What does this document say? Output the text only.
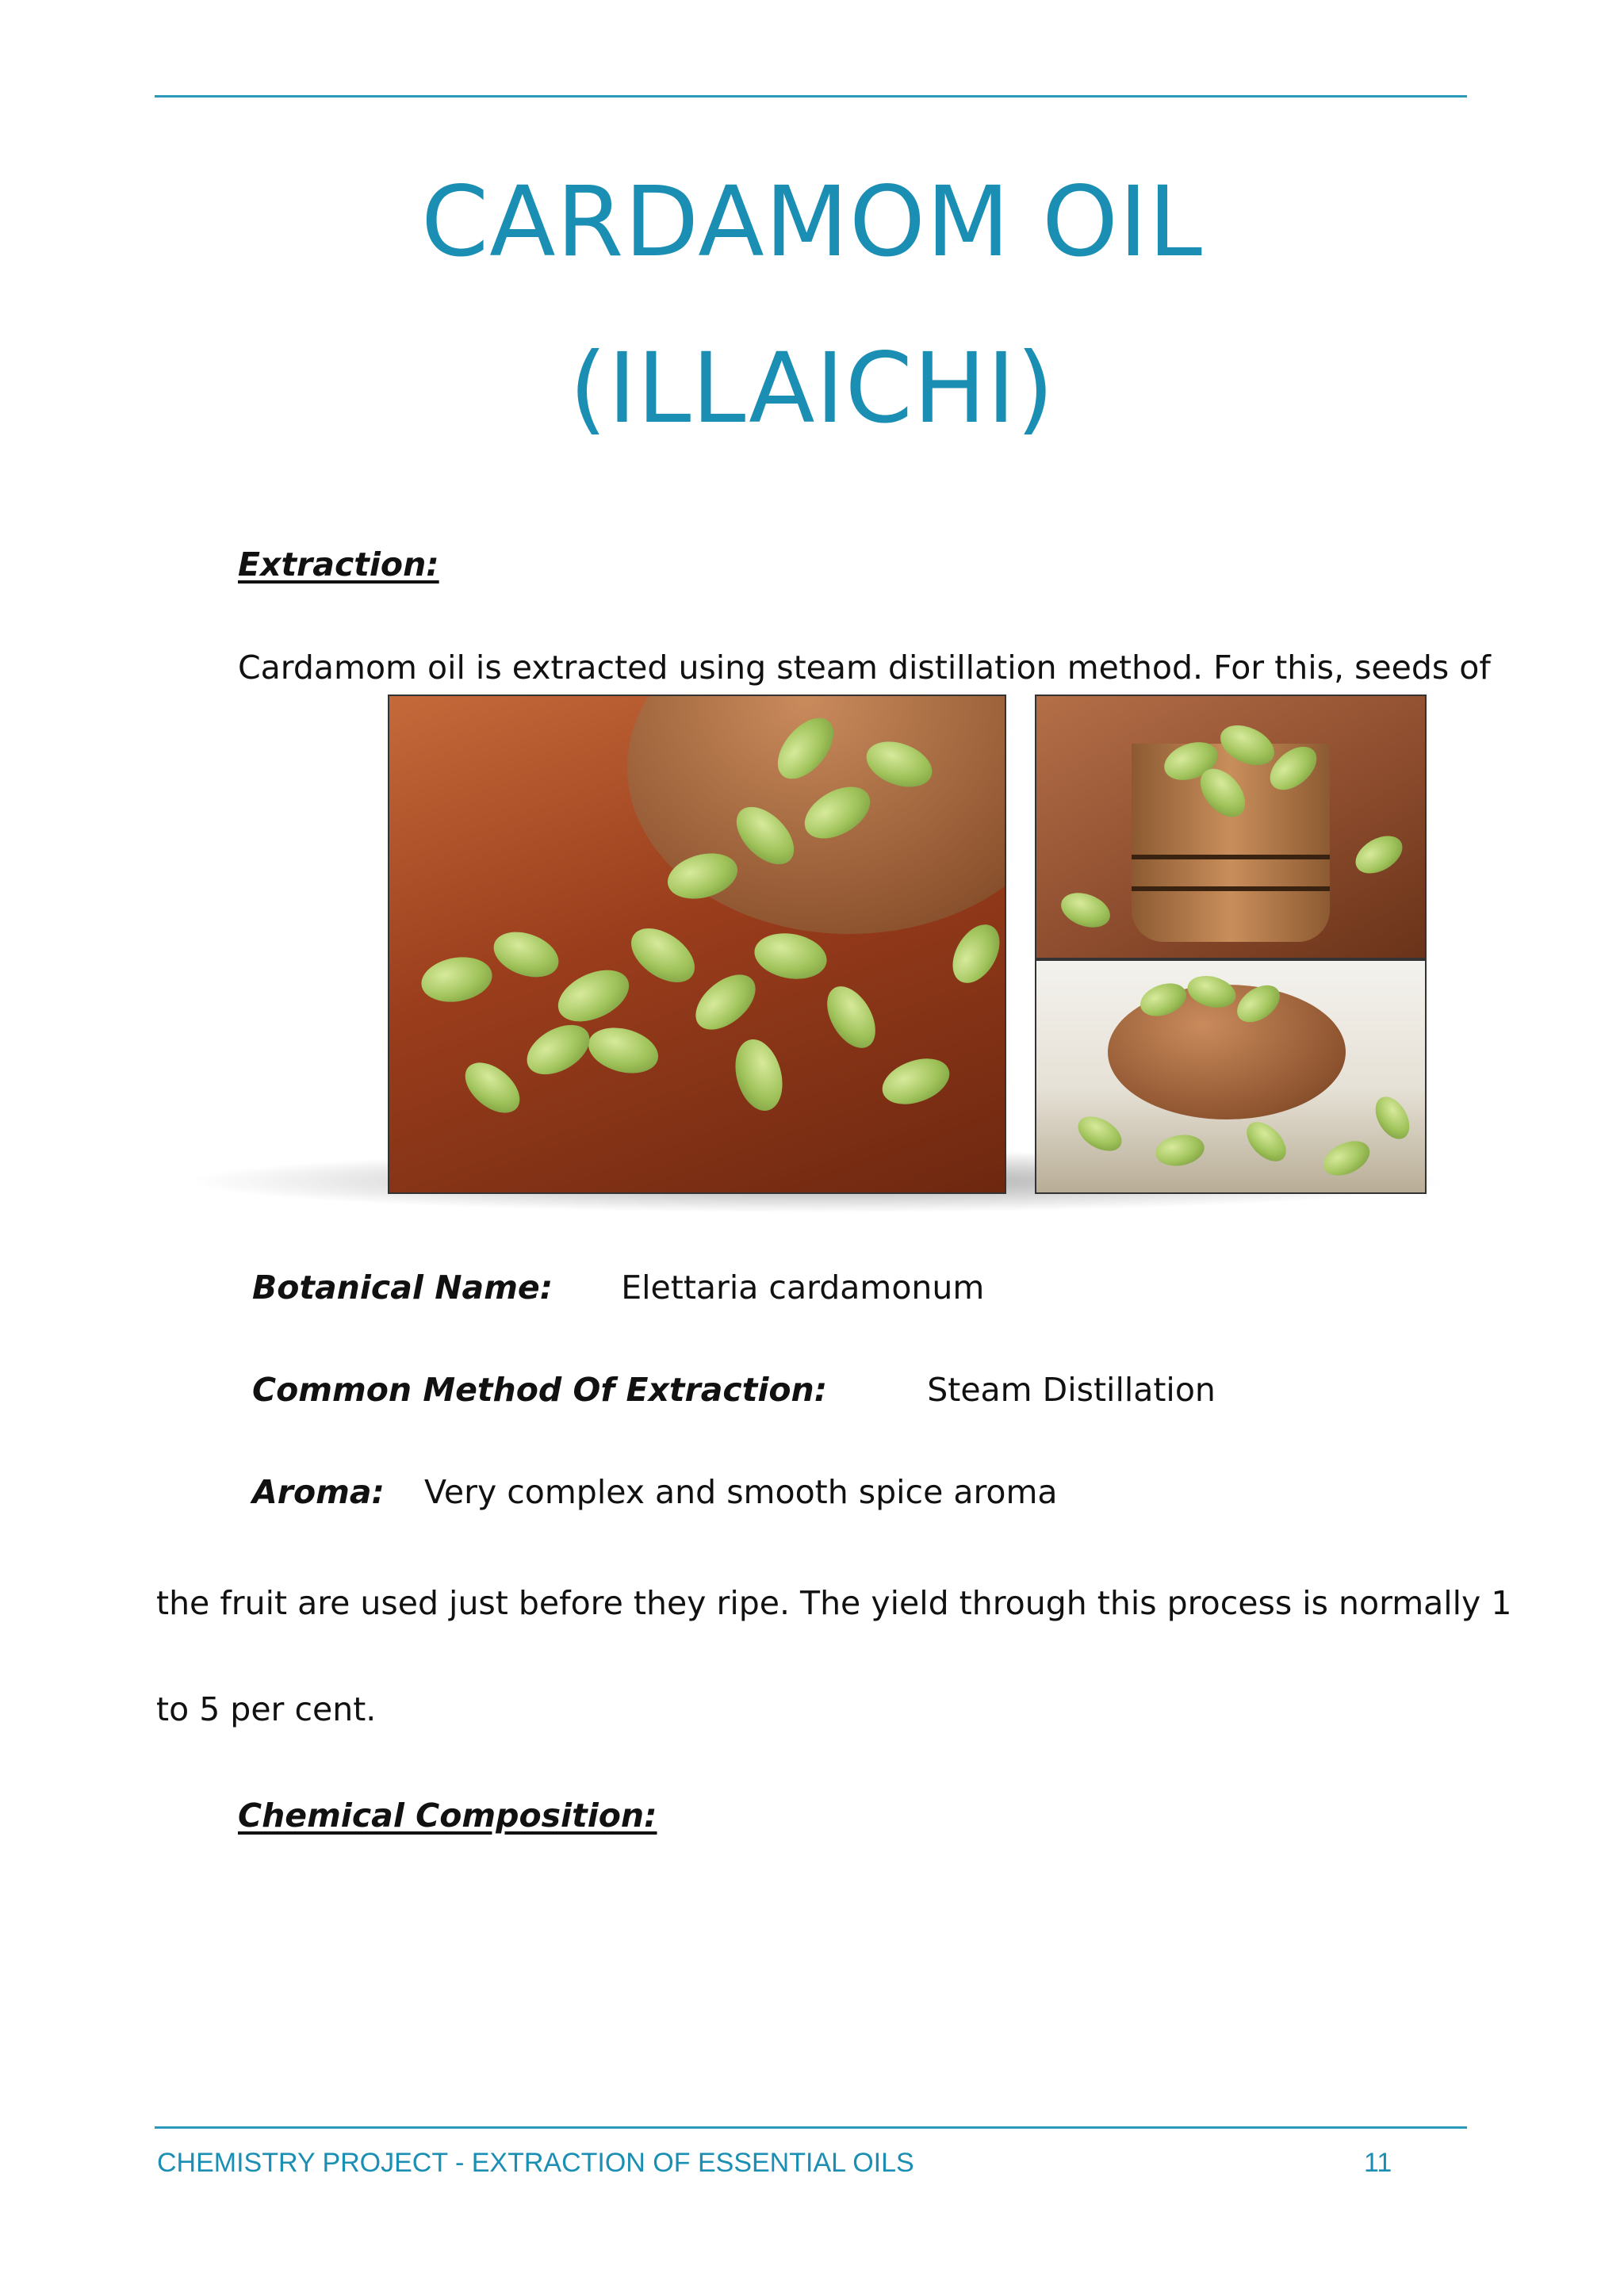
CARDAMOM OIL
(ILLAICHI)
Extraction:
Cardamom oil is extracted using steam distillation method. For this, seeds of
Botanical Name: Elettaria cardamonum
Common Method Of Extraction:	Steam Distillation
Aroma: Very complex and smooth spice aroma
the fruit are used just before they ripe. The yield through this process is normally 1
to 5 per cent.
Chemical Composition:
CHEMISTRY PROJECT - EXTRACTION OF ESSENTIAL OILS	11
